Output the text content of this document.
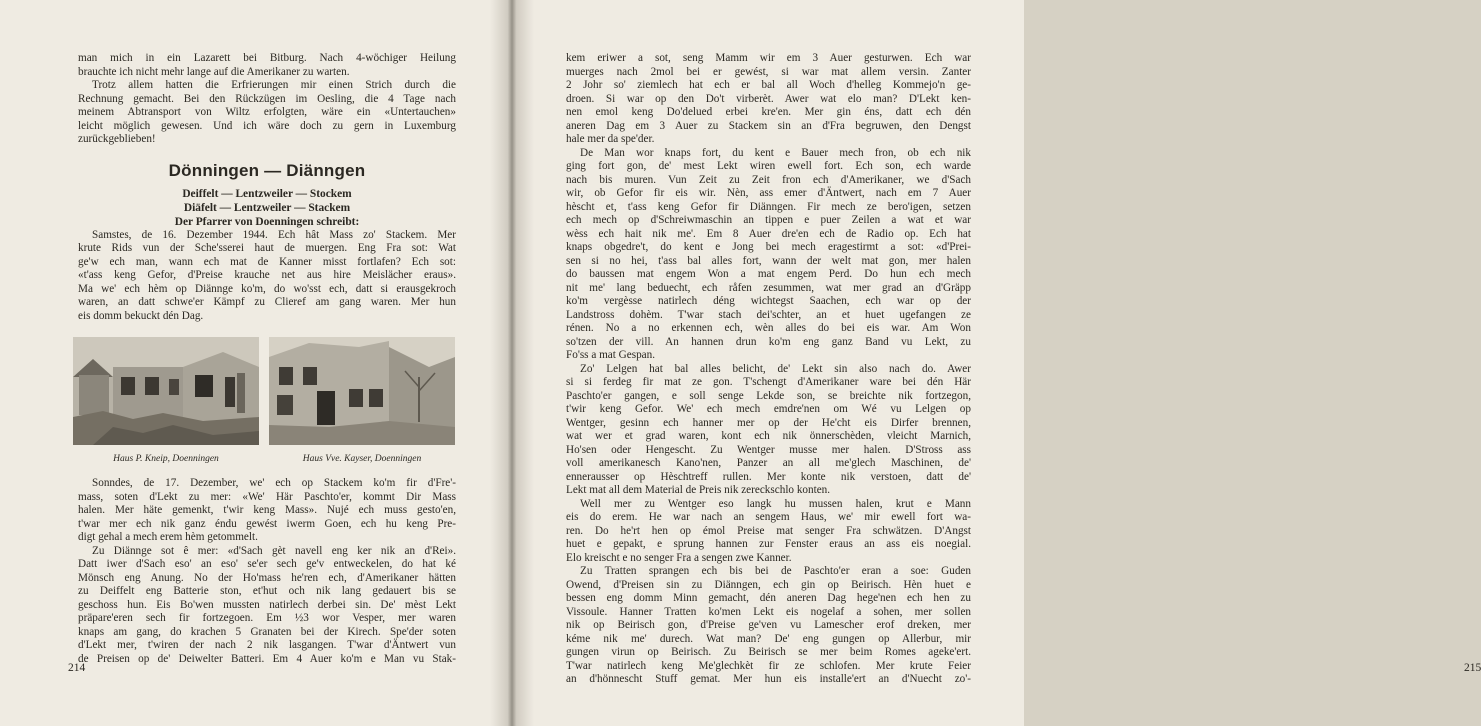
man mich in ein Lazarett bei Bitburg. Nach 4-wöchiger Heilung
brauchte ich nicht mehr lange auf die Amerikaner zu warten.
Trotz allem hatten die Erfrierungen mir einen Strich durch die
Rechnung gemacht. Bei den Rückzügen im Oesling, die 4 Tage nach
meinem Abtransport von Wiltz erfolgten, wäre ein «Untertauchen»
leicht möglich gewesen. Und ich wäre doch zu gern in Luxemburg
zurückgeblieben!
Dönningen — Diänngen
Deiffelt — Lentzweiler — Stockem
Diäfelt — Lentzweiler — Stackem
Der Pfarrer von Doenningen schreibt:
Samstes, de 16. Dezember 1944. Ech hât Mass zo' Stackem. Mer
krute Rids vun der Sche'sserei haut de muergen. Eng Fra sot: Wat
ge'w ech man, wann ech mat de Kanner misst fortlafen? Ech sot:
«t'ass keng Gefor, d'Preise krauche net aus hire Meislächer eraus».
Ma we' ech hèm op Diännge ko'm, do wo'sst ech, datt si erausgekroch
waren, an datt schwe'er Kämpf zu Clieref am gang waren. Mer hun
eis domm bekuckt dén Dag.
Haus P. Kneip, Doenningen	Haus Vve. Kayser, Doenningen
Sonndes, de 17. Dezember, we' ech op Stackem ko'm fir d'Fre'-
mass, soten d'Lekt zu mer: «We' Här Paschto'er, kommt Dir Mass
halen. Mer häte gemenkt, t'wir keng Mass». Nujé ech muss gesto'en,
t'war mer ech nik ganz éndu gewést iwerm Goen, ech hu keng Pre-
digt gehal a mech erem hèm getommelt.
Zu Diännge sot ê mer: «d'Sach gèt navell eng ker nik an d'Rei».
Datt iwer d'Sach eso' an eso' se'er sech ge'v entweckelen, do hat ké
Mönsch eng Anung. No der Ho'mass he'ren ech, d'Amerikaner hätten
zu Deiffelt eng Batterie ston, et'hut och nik lang gedauert bis se
geschoss hun. Eis Bo'wen mussten natirlech derbei sin. De' mèst Lekt
präpare'eren sech fir fortzegoen. Em ½3 wor Vesper, mer waren
knaps am gang, do krachen 5 Granaten bei der Kirech. Spe'der soten
d'Lekt mer, t'wiren der nach 2 nik lasgangen. T'war d'Äntwert vun
de Preisen op de' Deiwelter Batteri. Em 4 Auer ko'm e Man vu Stak-
214
kem eriwer a sot, seng Mamm wir em 3 Auer gesturwen. Ech war
muerges nach 2mol bei er gewést, si war mat allem versin. Zanter
2 Johr so' ziemlech hat ech er bal all Woch d'helleg Kommejo'n ge-
droen. Si war op den Do't virberèt. Awer wat elo man? D'Lekt ken-
nen emol keng Do'delued erbei kre'en. Mer gin éns, datt ech dén
aneren Dag em 3 Auer zu Stackem sin an d'Fra begruwen, den Dengst
hale mer da spe'der.
De Man wor knaps fort, du kent e Bauer mech fron, ob ech nik
ging fort gon, de' mest Lekt wiren ewell fort. Ech son, ech warde
nach bis muren. Vun Zeit zu Zeit fron ech d'Amerikaner, we d'Sach
wir, ob Gefor fir eis wir. Nèn, ass emer d'Äntwert, nach em 7 Auer
hèscht et, t'ass keng Gefor fir Diänngen. Fir mech ze bero'igen, setzen
ech mech op d'Schreiwmaschin an tippen e puer Zeilen a wat et war
wèss ech hait nik me'. Em 8 Auer dre'en ech de Radio op. Ech hat
knaps obgedre't, do kent e Jong bei mech eragestirmt a sot: «d'Prei-
sen si no hei, t'ass bal alles fort, wann der welt mat gon, mer halen
do baussen mat engem Won a mat engem Perd. Do hun ech mech
nit me' lang beduecht, ech råfen zesummen, wat mer grad an d'Gräpp
ko'm vergèsse natirlech déng wichtegst Saachen, ech war op der
Landstross dohèm. T'war stach dei'schter, an et huet ugefangen ze
rénen. No a no erkennen ech, wèn alles do bei eis war. Am Won
so'tzen der vill. An hannen drun ko'm eng ganz Band vu Lekt, zu
Fo'ss a mat Gespan.
Zo' Lelgen hat bal alles belicht, de' Lekt sin also nach do. Awer
si si ferdeg fir mat ze gon. T'schengt d'Amerikaner ware bei dén Här
Paschto'er gangen, e soll senge Lekde son, se breichte nik fortzegon,
t'wir keng Gefor. We' ech mech emdre'nen om Wé vu Lelgen op
Wentger, gesinn ech hanner mer op der He'cht eis Dirfer brennen,
wat wer et grad waren, kont ech nik önnerschèden, vleicht Marnich,
Ho'sen oder Hengescht. Zu Wentger musse mer halen. D'Stross ass
voll amerikanesch Kano'nen, Panzer an all me'glech Maschinen, de'
ennerausser op Hèschtreff rullen. Mer konte nik verstoen, datt de'
Lekt mat all dem Material de Preis nik zerecksch​lo konten.
Well mer zu Wentger eso langk hu mussen halen, krut e Mann
eis do erem. He war nach an sengem Haus, we' mir ewell fort wa-
ren. Do he'rt hen op émol Preise mat senger Fra schwätzen. D'Angst
huet e gepakt, e sprung hannen zur Fenster eraus an ass eis noegial.
Elo kreischt e no senger Fra a sengen zwe Kanner.
Zu Tratten sprangen ech bis bei de Paschto'er eran a soe: Guden
Owend, d'Preisen sin zu Diänngen, ech gin op Beirisch. Hèn huet e
bessen eng domm Minn gemacht, dén aneren Dag hege'nen ech hen zu
Vissoule. Hanner Tratten ko'men Lekt eis nogelaf a sohen, mer sollen
nik op Beirisch gon, d'Preise ge'ven vu Lamescher erof dreken, mer
kéme nik me' durech. Wat man? De' eng gungen op Allerbur, mir
gungen virun op Beirisch. Zu Beirisch se mer beim Romes ageke'ert.
T'war natirlech keng Me'glechkèt fir ze schlofen. Mer krute Feier
an d'hönnescht Stuff gemat. Mer hun eis installe'ert an d'Nuecht zo'-
215
